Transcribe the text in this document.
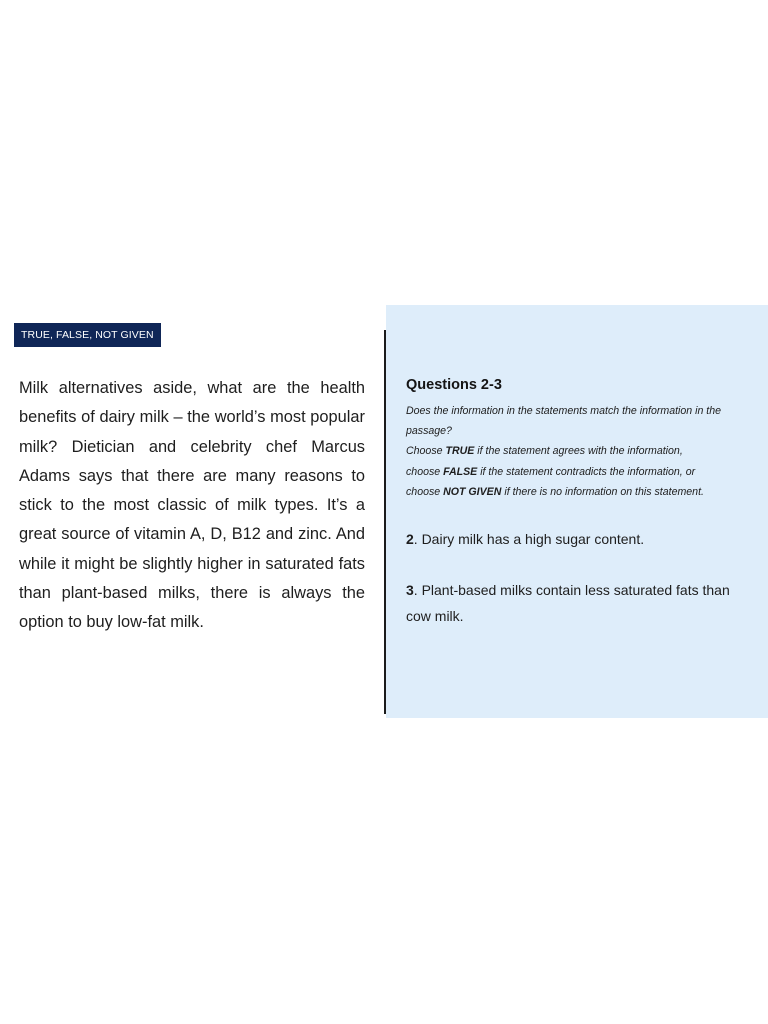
TRUE, FALSE, NOT GIVEN

Milk alternatives aside, what are the health benefits of dairy milk – the world’s most popular milk? Dietician and celebrity chef Marcus Adams says that there are many reasons to stick to the most classic of milk types. It’s a great source of vitamin A, D, B12 and zinc. And while it might be slightly higher in saturated fats than plant-based milks, there is always the option to buy low-fat milk.

Questions 2-3

Does the information in the statements match the information in the passage?

Choose TRUE if the statement agrees with the information,

choose FALSE if the statement contradicts the information, or

choose NOT GIVEN if there is no information on this statement.

2. Dairy milk has a high sugar content.

3. Plant-based milks contain less saturated fats than cow milk.
